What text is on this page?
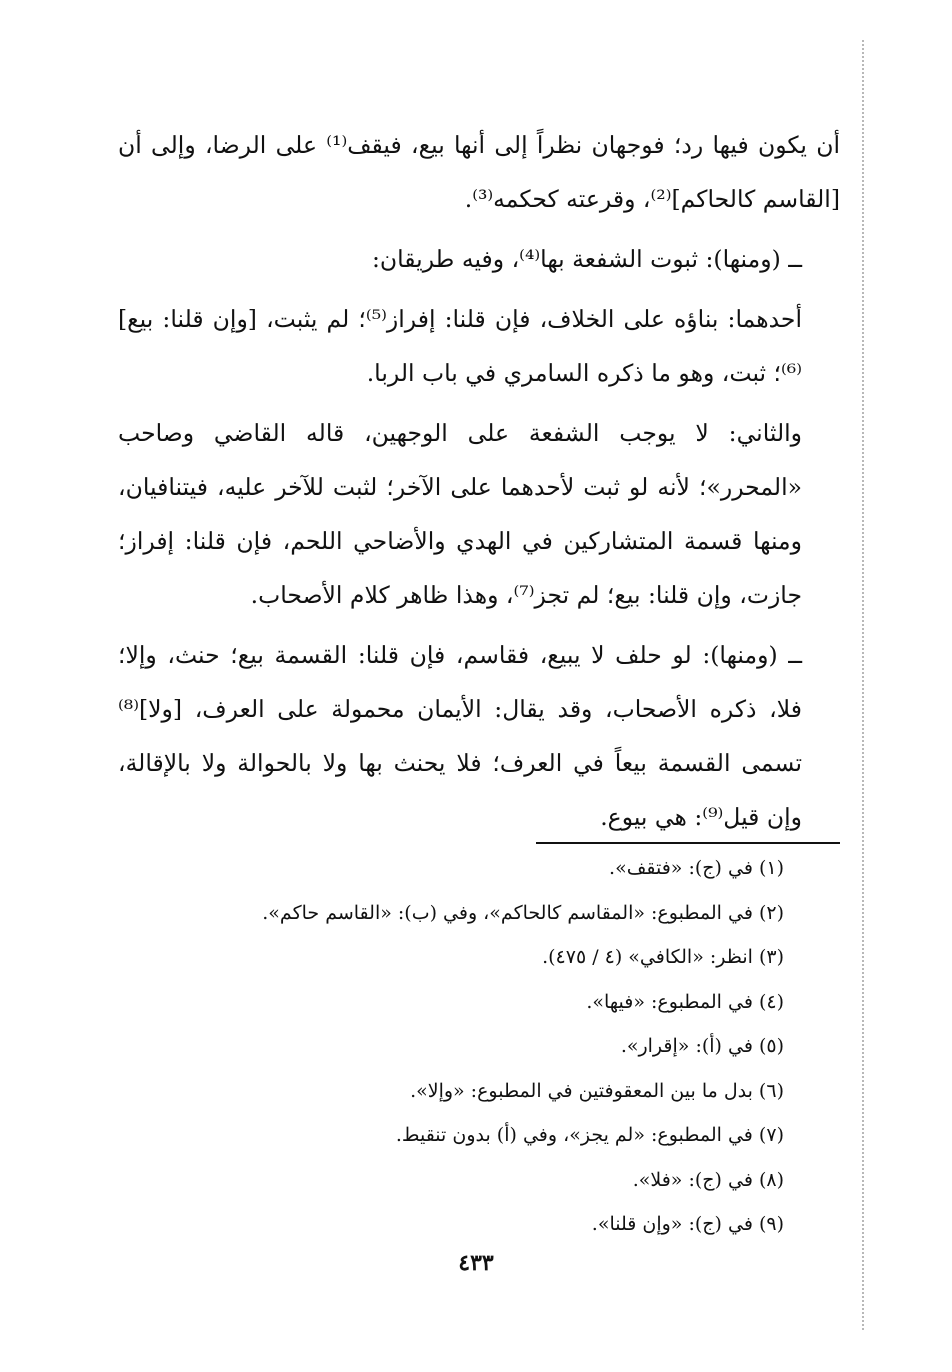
أن يكون فيها رد؛ فوجهان نظراً إلى أنها بيع، فيقف⁽¹⁾ على الرضا، وإلى أن [القاسم كالحاكم]⁽²⁾، وقرعته كحكمه⁽³⁾.

ــ (ومنها): ثبوت الشفعة بها⁽⁴⁾، وفيه طريقان:

أحدهما: بناؤه على الخلاف، فإن قلنا: إفراز⁽⁵⁾؛ لم يثبت، [وإن قلنا: بيع]⁽⁶⁾؛ ثبت، وهو ما ذكره السامري في باب الربا.

والثاني: لا يوجب الشفعة على الوجهين، قاله القاضي وصاحب «المحرر»؛ لأنه لو ثبت لأحدهما على الآخر؛ لثبت للآخر عليه، فيتنافيان، ومنها قسمة المتشاركين في الهدي والأضاحي اللحم، فإن قلنا: إفراز؛ جازت، وإن قلنا: بيع؛ لم تجز⁽⁷⁾، وهذا ظاهر كلام الأصحاب.

ــ (ومنها): لو حلف لا يبيع، فقاسم، فإن قلنا: القسمة بيع؛ حنث، وإلا؛ فلا، ذكره الأصحاب، وقد يقال: الأيمان محمولة على العرف، [ولا]⁽⁸⁾ تسمى القسمة بيعاً في العرف؛ فلا يحنث بها ولا بالحوالة ولا بالإقالة، وإن قيل⁽⁹⁾: هي بيوع.

(١) في (ج): «فتقف».

(٢) في المطبوع: «المقاسم كالحاكم»، وفي (ب): «القاسم حاكم».

(٣) انظر: «الكافي» (٤ / ٤٧٥).

(٤) في المطبوع: «فيها».

(٥) في (أ): «إقرار».

(٦) بدل ما بين المعقوفتين في المطبوع: «وإلا».

(٧) في المطبوع: «لم يجز»، وفي (أ) بدون تنقيط.

(٨) في (ج): «فلا».

(٩) في (ج): «وإن قلنا».

٤٣٣
